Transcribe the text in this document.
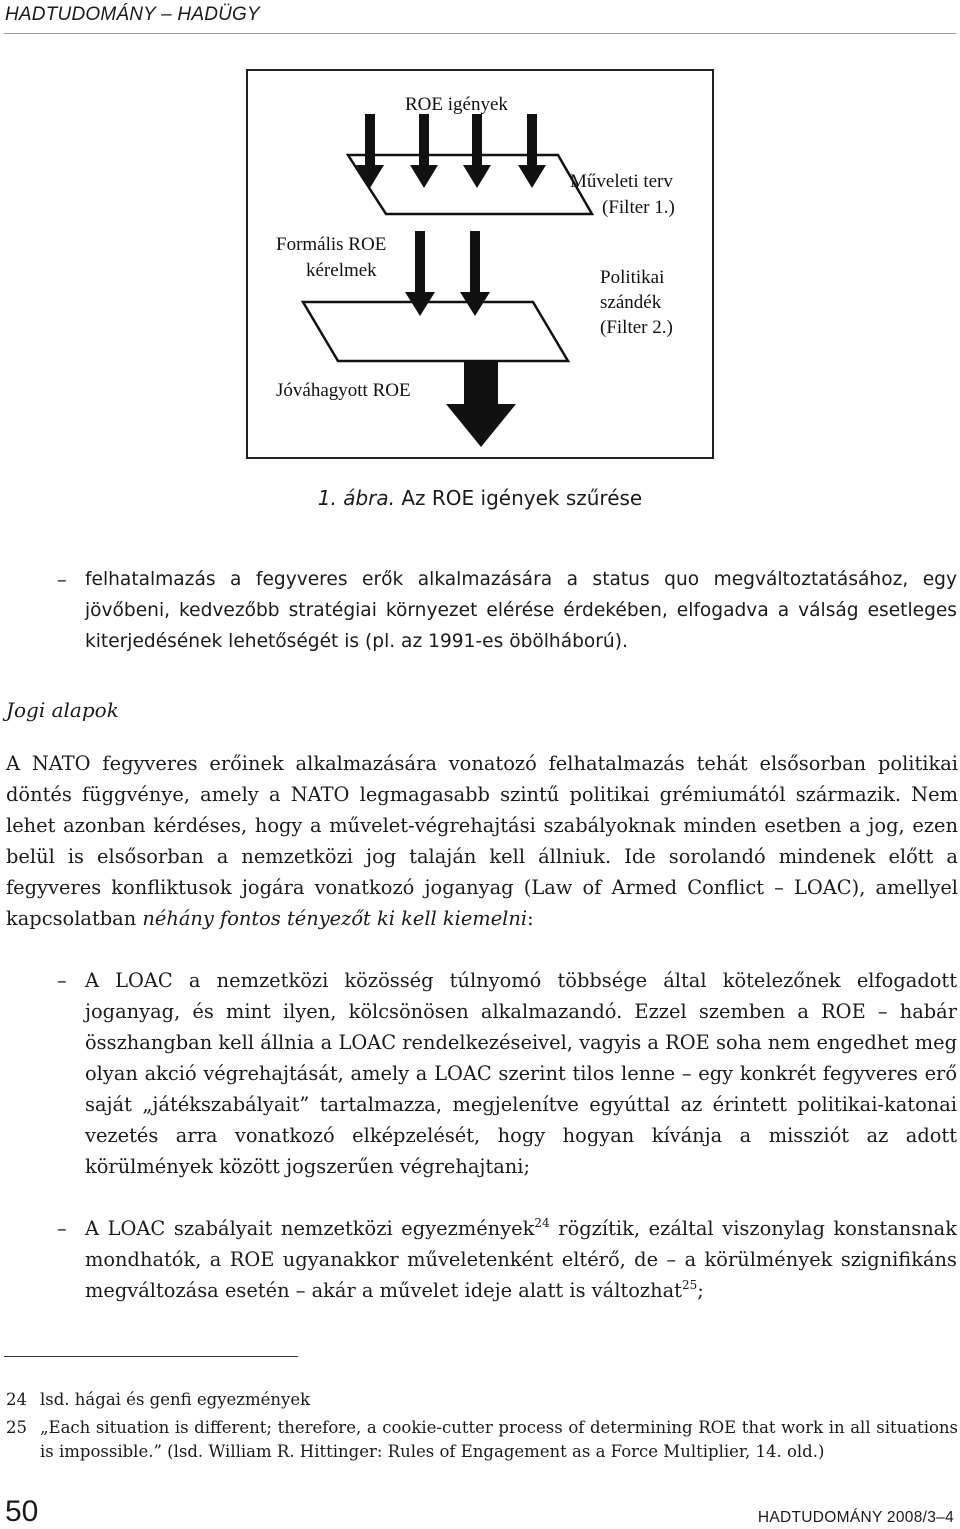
HADTUDOMÁNY – HADÜGY
ROE igények
Műveleti terv
(Filter 1.)
Formális ROE
kérelmek	Politikai
szándék
(Filter 2.)
Jóváhagyott ROE
1. ábra. Az ROE igények szűrése
– felhatalmazás a fegyveres erők alkalmazására a status quo megváltoztatásához, egy jövőbeni, kedvezőbb stratégiai környezet elérése érdekében, elfogadva a válság esetleges kiterjedésének lehetőségét is (pl. az 1991-es öbölháború).
Jogi alapok
A NATO fegyveres erőinek alkalmazására vonatozó felhatalmazás tehát elsősorban politikai döntés függvénye, amely a NATO legmagasabb szintű politikai grémiumától származik. Nem lehet azonban kérdéses, hogy a művelet-végrehajtási szabályoknak minden esetben a jog, ezen belül is elsősorban a nemzetközi jog talaján kell állniuk. Ide sorolandó mindenek előtt a fegyveres konfliktusok jogára vonatkozó joganyag (Law of Armed Conflict – LOAC), amellyel kapcsolatban néhány fontos tényezőt ki kell kiemelni:
– A LOAC a nemzetközi közösség túlnyomó többsége által kötelezőnek elfogadott joganyag, és mint ilyen, kölcsönösen alkalmazandó. Ezzel szemben a ROE – habár összhangban kell állnia a LOAC rendelkezéseivel, vagyis a ROE soha nem engedhet meg olyan akció végrehajtását, amely a LOAC szerint tilos lenne – egy konkrét fegyveres erő saját „játékszabályait” tartalmazza, megjelenítve egyúttal az érintett politikai-katonai vezetés arra vonatkozó elképzelését, hogy hogyan kívánja a missziót az adott körülmények között jogszerűen végrehajtani;
– A LOAC szabályait nemzetközi egyezmények$^{24}$ rögzítik, ezáltal viszonylag konstansnak mondhatók, a ROE ugyanakkor műveletenként eltérő, de – a körülmények szignifikáns megváltozása esetén – akár a művelet ideje alatt is változhat$^{25}$;
24 lsd. hágai és genfi egyezmények
25 „Each situation is different; therefore, a cookie-cutter process of determining ROE that work in all situations is impossible.” (lsd. William R. Hittinger: Rules of Engagement as a Force Multiplier, 14. old.)
50	HADTUDOMÁNY 2008/3–4
